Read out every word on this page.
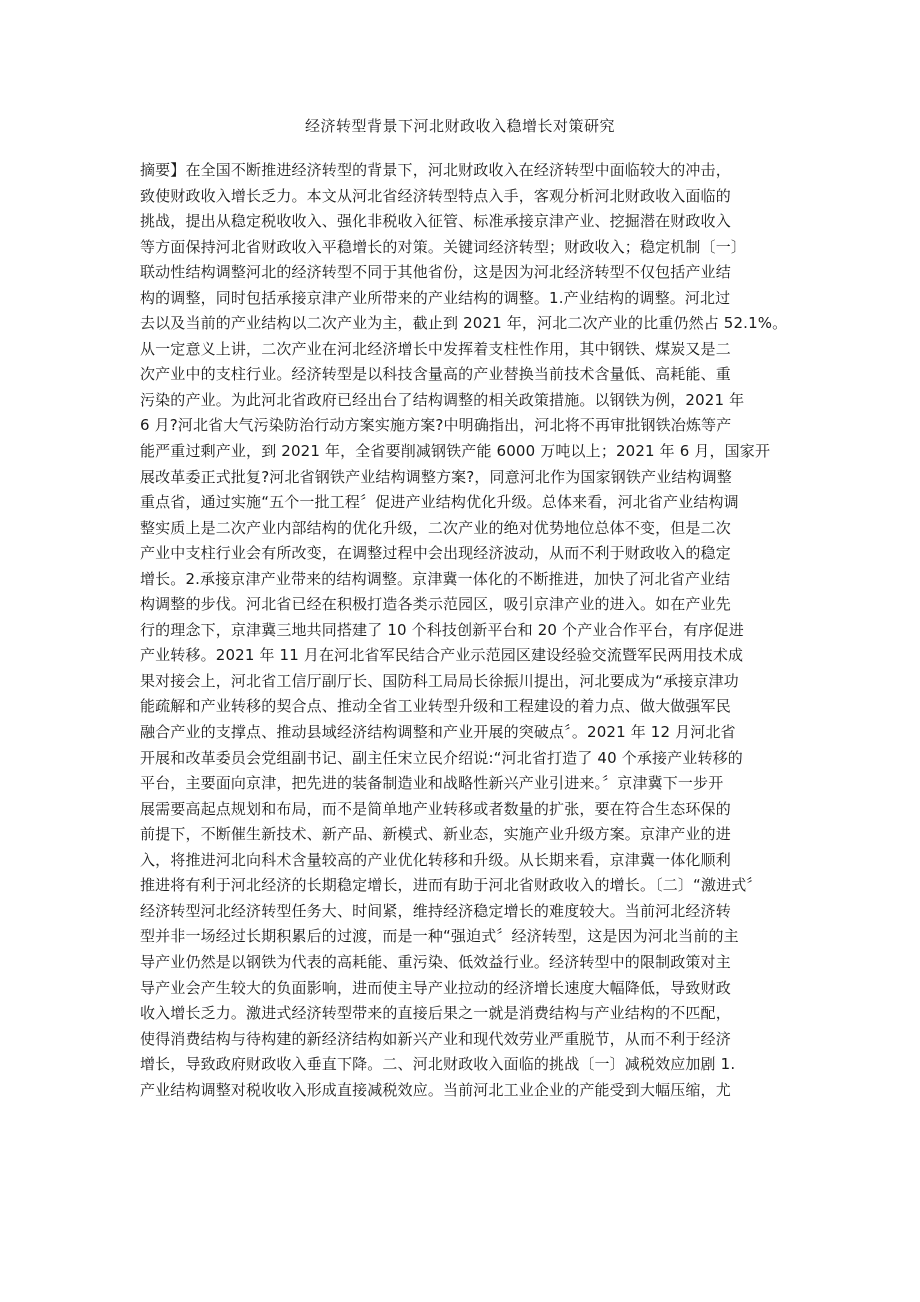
经济转型背景下河北财政收入稳增长对策研究
摘要】在全国不断推进经济转型的背景下，河北财政收入在经济转型中面临较大的冲击，
致使财政收入增长乏力。本文从河北省经济转型特点入手，客观分析河北财政收入面临的
挑战，提出从稳定税收收入、强化非税收入征管、标准承接京津产业、挖掘潜在财政收入
等方面保持河北省财政收入平稳增长的对策。关键词经济转型；财政收入；稳定机制〔一〕
联动性结构调整河北的经济转型不同于其他省份，这是因为河北经济转型不仅包括产业结
构的调整，同时包括承接京津产业所带来的产业结构的调整。1.产业结构的调整。河北过
去以及当前的产业结构以二次产业为主，截止到 2021 年，河北二次产业的比重仍然占 52.1%。
从一定意义上讲，二次产业在河北经济增长中发挥着支柱性作用，其中钢铁、煤炭又是二
次产业中的支柱行业。经济转型是以科技含量高的产业替换当前技术含量低、高耗能、重
污染的产业。为此河北省政府已经出台了结构调整的相关政策措施。以钢铁为例，2021 年
6 月?河北省大气污染防治行动方案实施方案?中明确指出，河北将不再审批钢铁冶炼等产
能严重过剩产业，到 2021 年，全省要削减钢铁产能 6000 万吨以上；2021 年 6 月，国家开
展改革委正式批复?河北省钢铁产业结构调整方案?，同意河北作为国家钢铁产业结构调整
重点省，通过实施“五个一批工程〞促进产业结构优化升级。总体来看，河北省产业结构调
整实质上是二次产业内部结构的优化升级，二次产业的绝对优势地位总体不变，但是二次
产业中支柱行业会有所改变，在调整过程中会出现经济波动，从而不利于财政收入的稳定
增长。2.承接京津产业带来的结构调整。京津冀一体化的不断推进，加快了河北省产业结
构调整的步伐。河北省已经在积极打造各类示范园区，吸引京津产业的进入。如在产业先
行的理念下，京津冀三地共同搭建了 10 个科技创新平台和 20 个产业合作平台，有序促进
产业转移。2021 年 11 月在河北省军民结合产业示范园区建设经验交流暨军民两用技术成
果对接会上，河北省工信厅副厅长、国防科工局局长徐振川提出，河北要成为“承接京津功
能疏解和产业转移的契合点、推动全省工业转型升级和工程建设的着力点、做大做强军民
融合产业的支撑点、推动县域经济结构调整和产业开展的突破点〞。2021 年 12 月河北省
开展和改革委员会党组副书记、副主任宋立民介绍说:“河北省打造了 40 个承接产业转移的
平台，主要面向京津，把先进的装备制造业和战略性新兴产业引进来。〞京津冀下一步开
展需要高起点规划和布局，而不是简单地产业转移或者数量的扩张，要在符合生态环保的
前提下，不断催生新技术、新产品、新模式、新业态，实施产业升级方案。京津产业的进
入，将推进河北向科术含量较高的产业优化转移和升级。从长期来看，京津冀一体化顺利
推进将有利于河北经济的长期稳定增长，进而有助于河北省财政收入的增长。〔二〕“激进式〞
经济转型河北经济转型任务大、时间紧，维持经济稳定增长的难度较大。当前河北经济转
型并非一场经过长期积累后的过渡，而是一种“强迫式〞经济转型，这是因为河北当前的主
导产业仍然是以钢铁为代表的高耗能、重污染、低效益行业。经济转型中的限制政策对主
导产业会产生较大的负面影响，进而使主导产业拉动的经济增长速度大幅降低，导致财政
收入增长乏力。激进式经济转型带来的直接后果之一就是消费结构与产业结构的不匹配，
使得消费结构与待构建的新经济结构如新兴产业和现代效劳业严重脱节，从而不利于经济
增长，导致政府财政收入垂直下降。二、河北财政收入面临的挑战〔一〕减税效应加剧 1.
产业结构调整对税收收入形成直接减税效应。当前河北工业企业的产能受到大幅压缩，尤
